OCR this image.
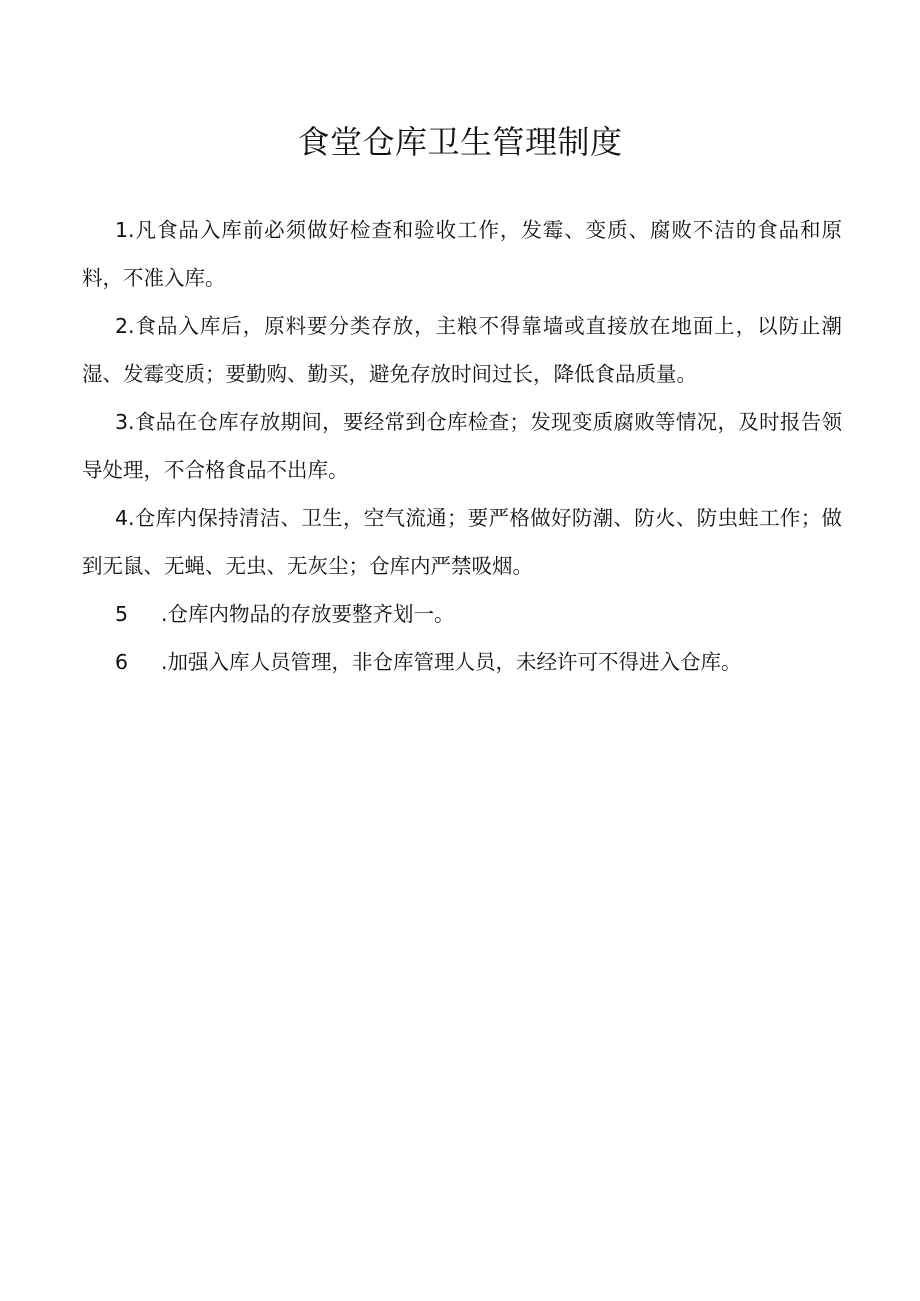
食堂仓库卫生管理制度
1.凡食品入库前必须做好检查和验收工作，发霉、变质、腐败不洁的食品和原料，不准入库。
2.食品入库后，原料要分类存放，主粮不得靠墙或直接放在地面上，以防止潮湿、发霉变质；要勤购、勤买，避免存放时间过长，降低食品质量。
3.食品在仓库存放期间，要经常到仓库检查；发现变质腐败等情况，及时报告领导处理，不合格食品不出库。
4.仓库内保持清洁、卫生，空气流通；要严格做好防潮、防火、防虫蛀工作；做到无鼠、无蝇、无虫、无灰尘；仓库内严禁吸烟。
5 .仓库内物品的存放要整齐划一。
6 .加强入库人员管理，非仓库管理人员，未经许可不得进入仓库。
